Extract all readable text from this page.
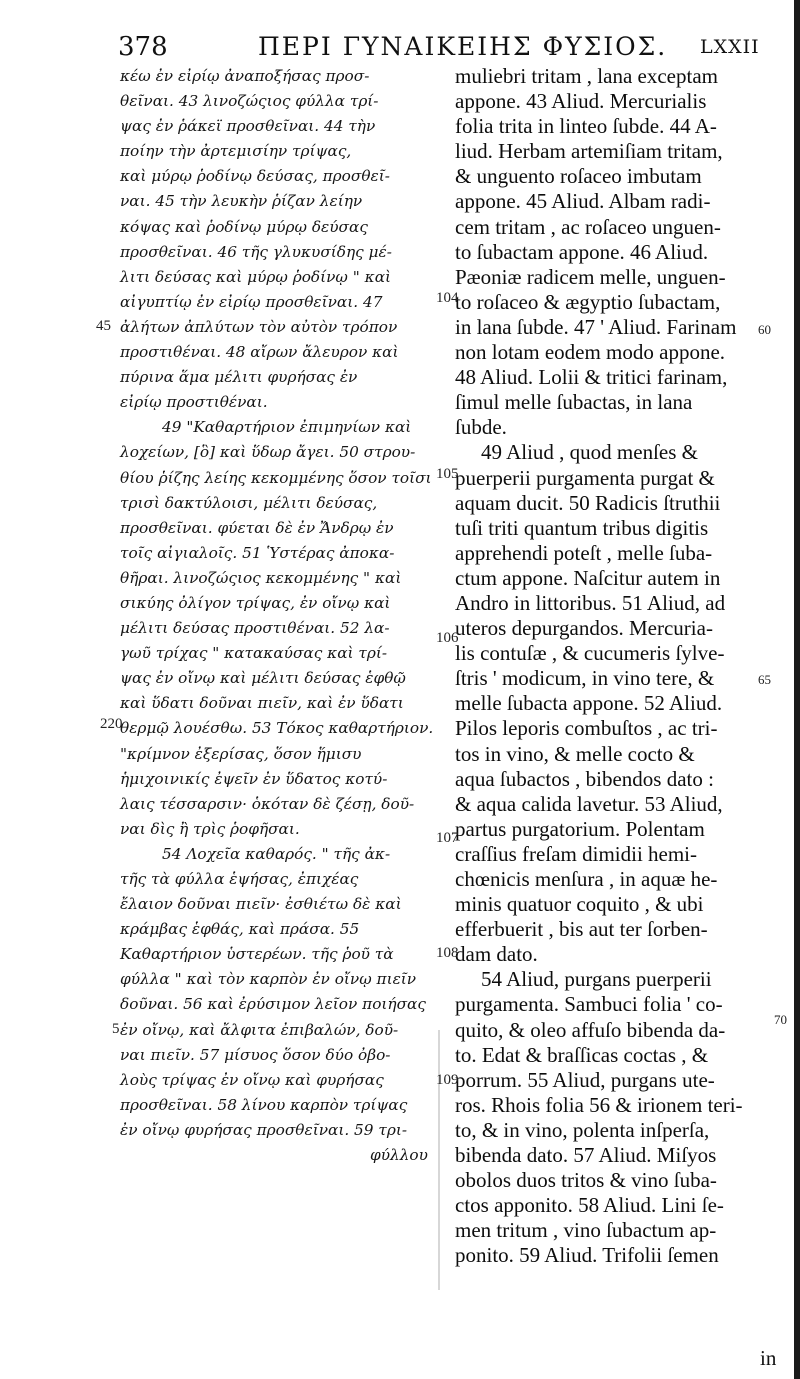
378	ΠΕΡΙ ΓΥΝΑΙΚΕΙΗΣ ΦΥΣΙΟΣ. LXXII
κέω ἐν εἰρίῳ ἀναποξήσας προσ-
θεῖναι. 43 λινοζώςιος φύλλα τρί-
ψας ἐν ῥάκεϊ προσθεῖναι. 44 τὴν
ποίην τὴν ἀρτεμισίην τρίψας,
καὶ μύρῳ ῥοδίνῳ δεύσας, προσθεῖ-
ναι. 45 τὴν λευκὴν ῥίζαν λείην
κόψας καὶ ῥοδίνῳ μύρῳ δεύσας
προσθεῖναι. 46 τῆς γλυκυσίδης μέ-
λιτι δεύσας καὶ μύρῳ ῥοδίνῳ " καὶ
αἰγυπτίῳ ἐν εἰρίῳ προσθεῖναι. 47
ἀλήτων ἀπλύτων τὸν αὐτὸν τρόπον
προστιθέναι. 48 αἴρων ἄλευρον καὶ
πύρινα ἅμα μέλιτι φυρήσας ἐν
εἰρίῳ προστιθέναι.
49 "Καθαρτήριον ἐπιμηνίων καὶ
λοχείων, [ὃ] καὶ ὕδωρ ἄγει. 50 στρου-
θίου ῥίζης λείης κεκομμένης ὅσον τοῖσι
τρισὶ δακτύλοισι, μέλιτι δεύσας,
προσθεῖναι. φύεται δὲ ἐν Ἄνδρῳ ἐν
τοῖς αἰγιαλοῖς. 51 Ὑστέρας ἀποκα-
θῆραι. λινοζώςιος κεκομμένης " καὶ
σικύης ὀλίγον τρίψας, ἐν οἴνῳ καὶ
μέλιτι δεύσας προστιθέναι. 52 λα-
γωῦ τρίχας " κατακαύσας καὶ τρί-
ψας ἐν οἴνῳ καὶ μέλιτι δεύσας ἑφθῷ
καὶ ὕδατι δοῦναι πιεῖν, καὶ ἐν ὕδατι
θερμῷ λουέσθω. 53 Τόκος καθαρτήριον.
"κρίμνον ἐξερίσας, ὅσον ἥμισυ
ἡμιχοινικίς ἐψεῖν ἐν ὕδατος κοτύ-
λαις τέσσαρσιν· ὁκόταν δὲ ζέσῃ, δοῦ-
ναι δὶς ἢ τρὶς ῥοφῆσαι.
54 Λοχεῖα καθαρός. " τῆς ἀκ-
τῆς τὰ φύλλα ἑψήσας, ἐπιχέας
ἔλαιον δοῦναι πιεῖν· ἐσθιέτω δὲ καὶ
κράμβας ἑφθάς, καὶ πράσα. 55
Καθαρτήριον ὑστερέων. τῆς ῥοῦ τὰ
φύλλα " καὶ τὸν καρπὸν ἐν οἴνῳ πιεῖν
δοῦναι. 56 καὶ ἐρύσιμον λεῖον ποιήσας
ἐν οἴνῳ, καὶ ἄλφιτα ἐπιβαλών, δοῦ-
ναι πιεῖν. 57 μίσυος ὅσον δύο ὀβο-
λοὺς τρίψας ἐν οἴνῳ καὶ φυρήσας
προσθεῖναι. 58 λίνου καρπὸν τρίψας
ἐν οἴνῳ φυρήσας προσθεῖναι. 59 τρι-
φύλλου
muliebri tritam , lana exceptam
appone. 43 Aliud. Mercurialis
folia trita in linteo ſubde. 44 A-
liud. Herbam artemiſiam tritam,
& unguento roſaceo imbutam
appone. 45 Aliud. Albam radi-
cem tritam , ac roſaceo unguen-
to ſubactam appone. 46 Aliud.
Pæoniæ radicem melle, unguen-
to roſaceo & ægyptio ſubactam,
in lana ſubde. 47 ' Aliud. Farinam
non lotam eodem modo appone.
48 Aliud. Lolii & tritici farinam,
ſimul melle ſubactas, in lana
ſubde.
49 Aliud , quod menſes &
puerperii purgamenta purgat &
aquam ducit. 50 Radicis ſtruthii
tuſi triti quantum tribus digitis
apprehendi poteſt , melle ſuba-
ctum appone. Naſcitur autem in
Andro in littoribus. 51 Aliud, ad
uteros depurgandos. Mercuria-
lis contuſæ , & cucumeris ſylve-
ſtris ' modicum, in vino tere, &
melle ſubacta appone. 52 Aliud.
Pilos leporis combuſtos , ac tri-
tos in vino, & melle cocto &
aqua ſubactos , bibendos dato :
& aqua calida lavetur. 53 Aliud,
partus purgatorium. Polentam
craſſius freſam dimidii hemi-
chœnicis menſura , in aquæ he-
minis quatuor coquito , & ubi
efferbuerit , bis aut ter ſorben-
dam dato.
54 Aliud, purgans puerperii
purgamenta. Sambuci folia ' co-
quito, & oleo affuſo bibenda da-
to. Edat & braſſicas coctas , &
porrum. 55 Aliud, purgans ute-
ros. Rhois folia 56 & irionem teri-
to, & in vino, polenta inſperſa,
bibenda dato. 57 Aliud. Miſyos
obolos duos tritos & vino ſuba-
ctos apponito. 58 Aliud. Lini ſe-
men tritum , vino ſubactum ap-
ponito. 59 Aliud. Trifolii ſemen
in
45
220
5
104
105
106
107
108
109
60
65
70
